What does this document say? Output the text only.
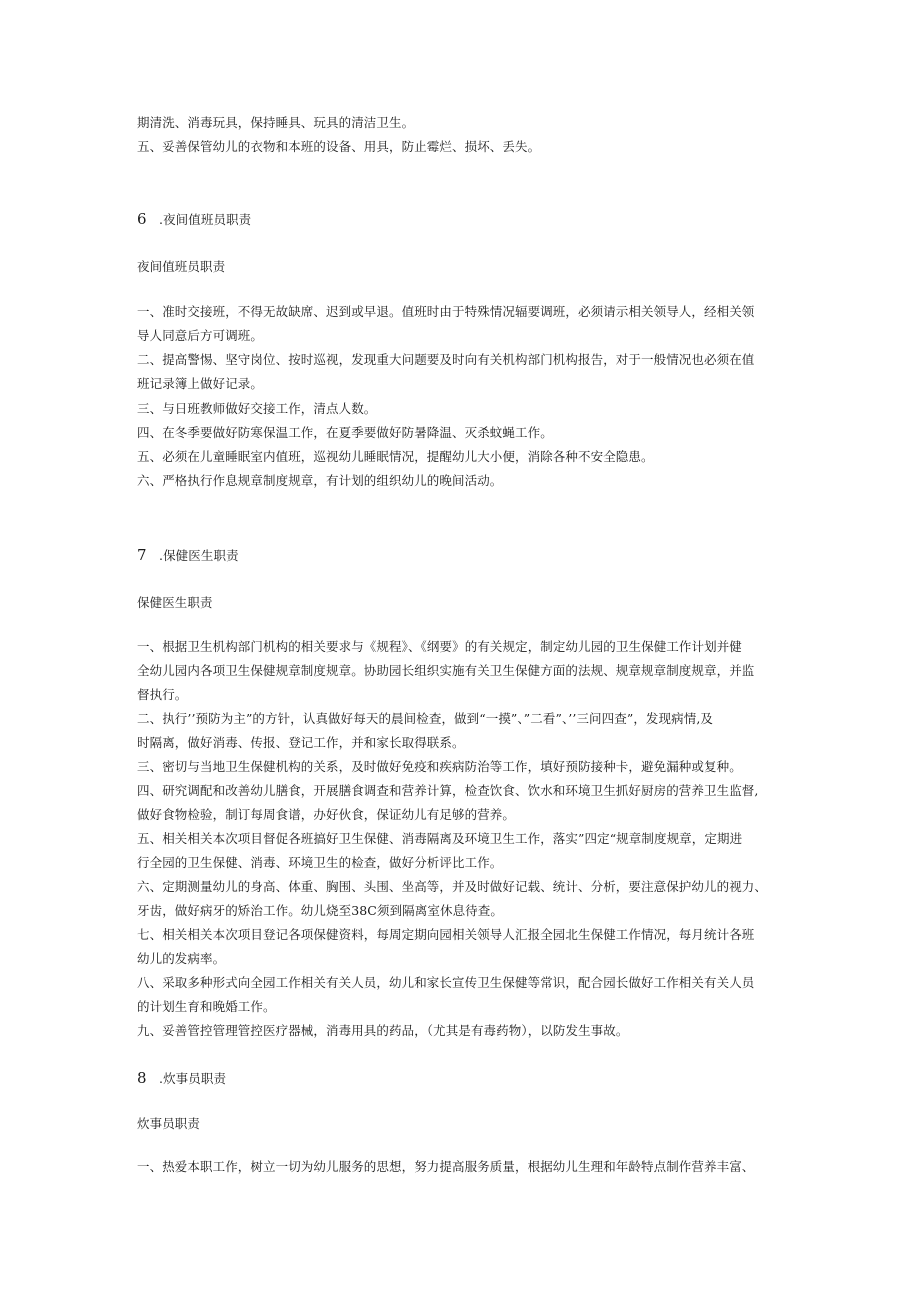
期清洗、消毒玩具，保持睡具、玩具的清洁卫生。
五、妥善保管幼儿的衣物和本班的设备、用具，防止霉烂、损坏、丢失。
6 .夜间值班员职责
夜间值班员职责
一、准时交接班，不得无故缺席、迟到或早退。值班时由于特殊情况辐要调班，必须请示相关领导人，经相关领
导人同意后方可调班。
二、提高警惕、坚守岗位、按时巡视，发现重大问题要及时向有关机构部门机构报告，对于一般情况也必须在值
班记录簿上做好记录。
三、与日班教师做好交接工作，清点人数。
四、在冬季要做好防寒保温工作，在夏季要做好防暑降温、灭杀蚊蝇工作。
五、必须在儿童睡眠室内值班，巡视幼儿睡眠情况，提醒幼儿大小便，消除各种不安全隐患。
六、严格执行作息规章制度规章，有计划的组织幼儿的晚间活动。
7 .保健医生职责
保健医生职责
一、根据卫生机构部门机构的相关要求与《规程》、《纲要》的有关规定，制定幼儿园的卫生保健工作计划并健
全幼儿园内各项卫生保健规章制度规章。协助园长组织实施有关卫生保健方面的法规、规章规章制度规章，并监
督执行。
二、执行’’预防为主”的方针，认真做好每天的晨间检查，做到“一摸”、”二看”、’’三问四查”，发现病情,及
时隔离，做好消毒、传报、登记工作，并和家长取得联系。
三、密切与当地卫生保健机构的关系，及时做好免疫和疾病防治等工作，填好预防接种卡，避免漏种或复种。
四、研究调配和改善幼儿膳食，开展膳食调查和营养计算，检查饮食、饮水和环境卫生抓好厨房的营养卫生监督,
做好食物检验，制订每周食谱，办好伙食，保证幼儿有足够的营养。
五、相关相关本次项目督促各班搞好卫生保健、消毒隔离及环境卫生工作，落实”四定“规章制度规章，定期进
行全园的卫生保健、消毒、环境卫生的检查，做好分析评比工作。
六、定期测量幼儿的身高、体重、胸围、头围、坐高等，并及时做好记载、统计、分析，要注意保护幼儿的视力、
牙齿，做好病牙的矫治工作。幼儿烧至38C须到隔离室休息待查。
七、相关相关本次项目登记各项保健资料，每周定期向园相关领导人汇报全园北生保健工作情况，每月统计各班
幼儿的发病率。
八、采取多种形式向全园工作相关有关人员，幼儿和家长宣传卫生保健等常识，配合园长做好工作相关有关人员
的计划生育和晚婚工作。
九、妥善管控管理管控医疗器械，消毒用具的药品，（尤其是有毒药物），以防发生事故。
8 .炊事员职责
炊事员职责
一、热爱本职工作，树立一切为幼儿服务的思想，努力提高服务质量，根据幼儿生理和年龄特点制作营养丰富、
